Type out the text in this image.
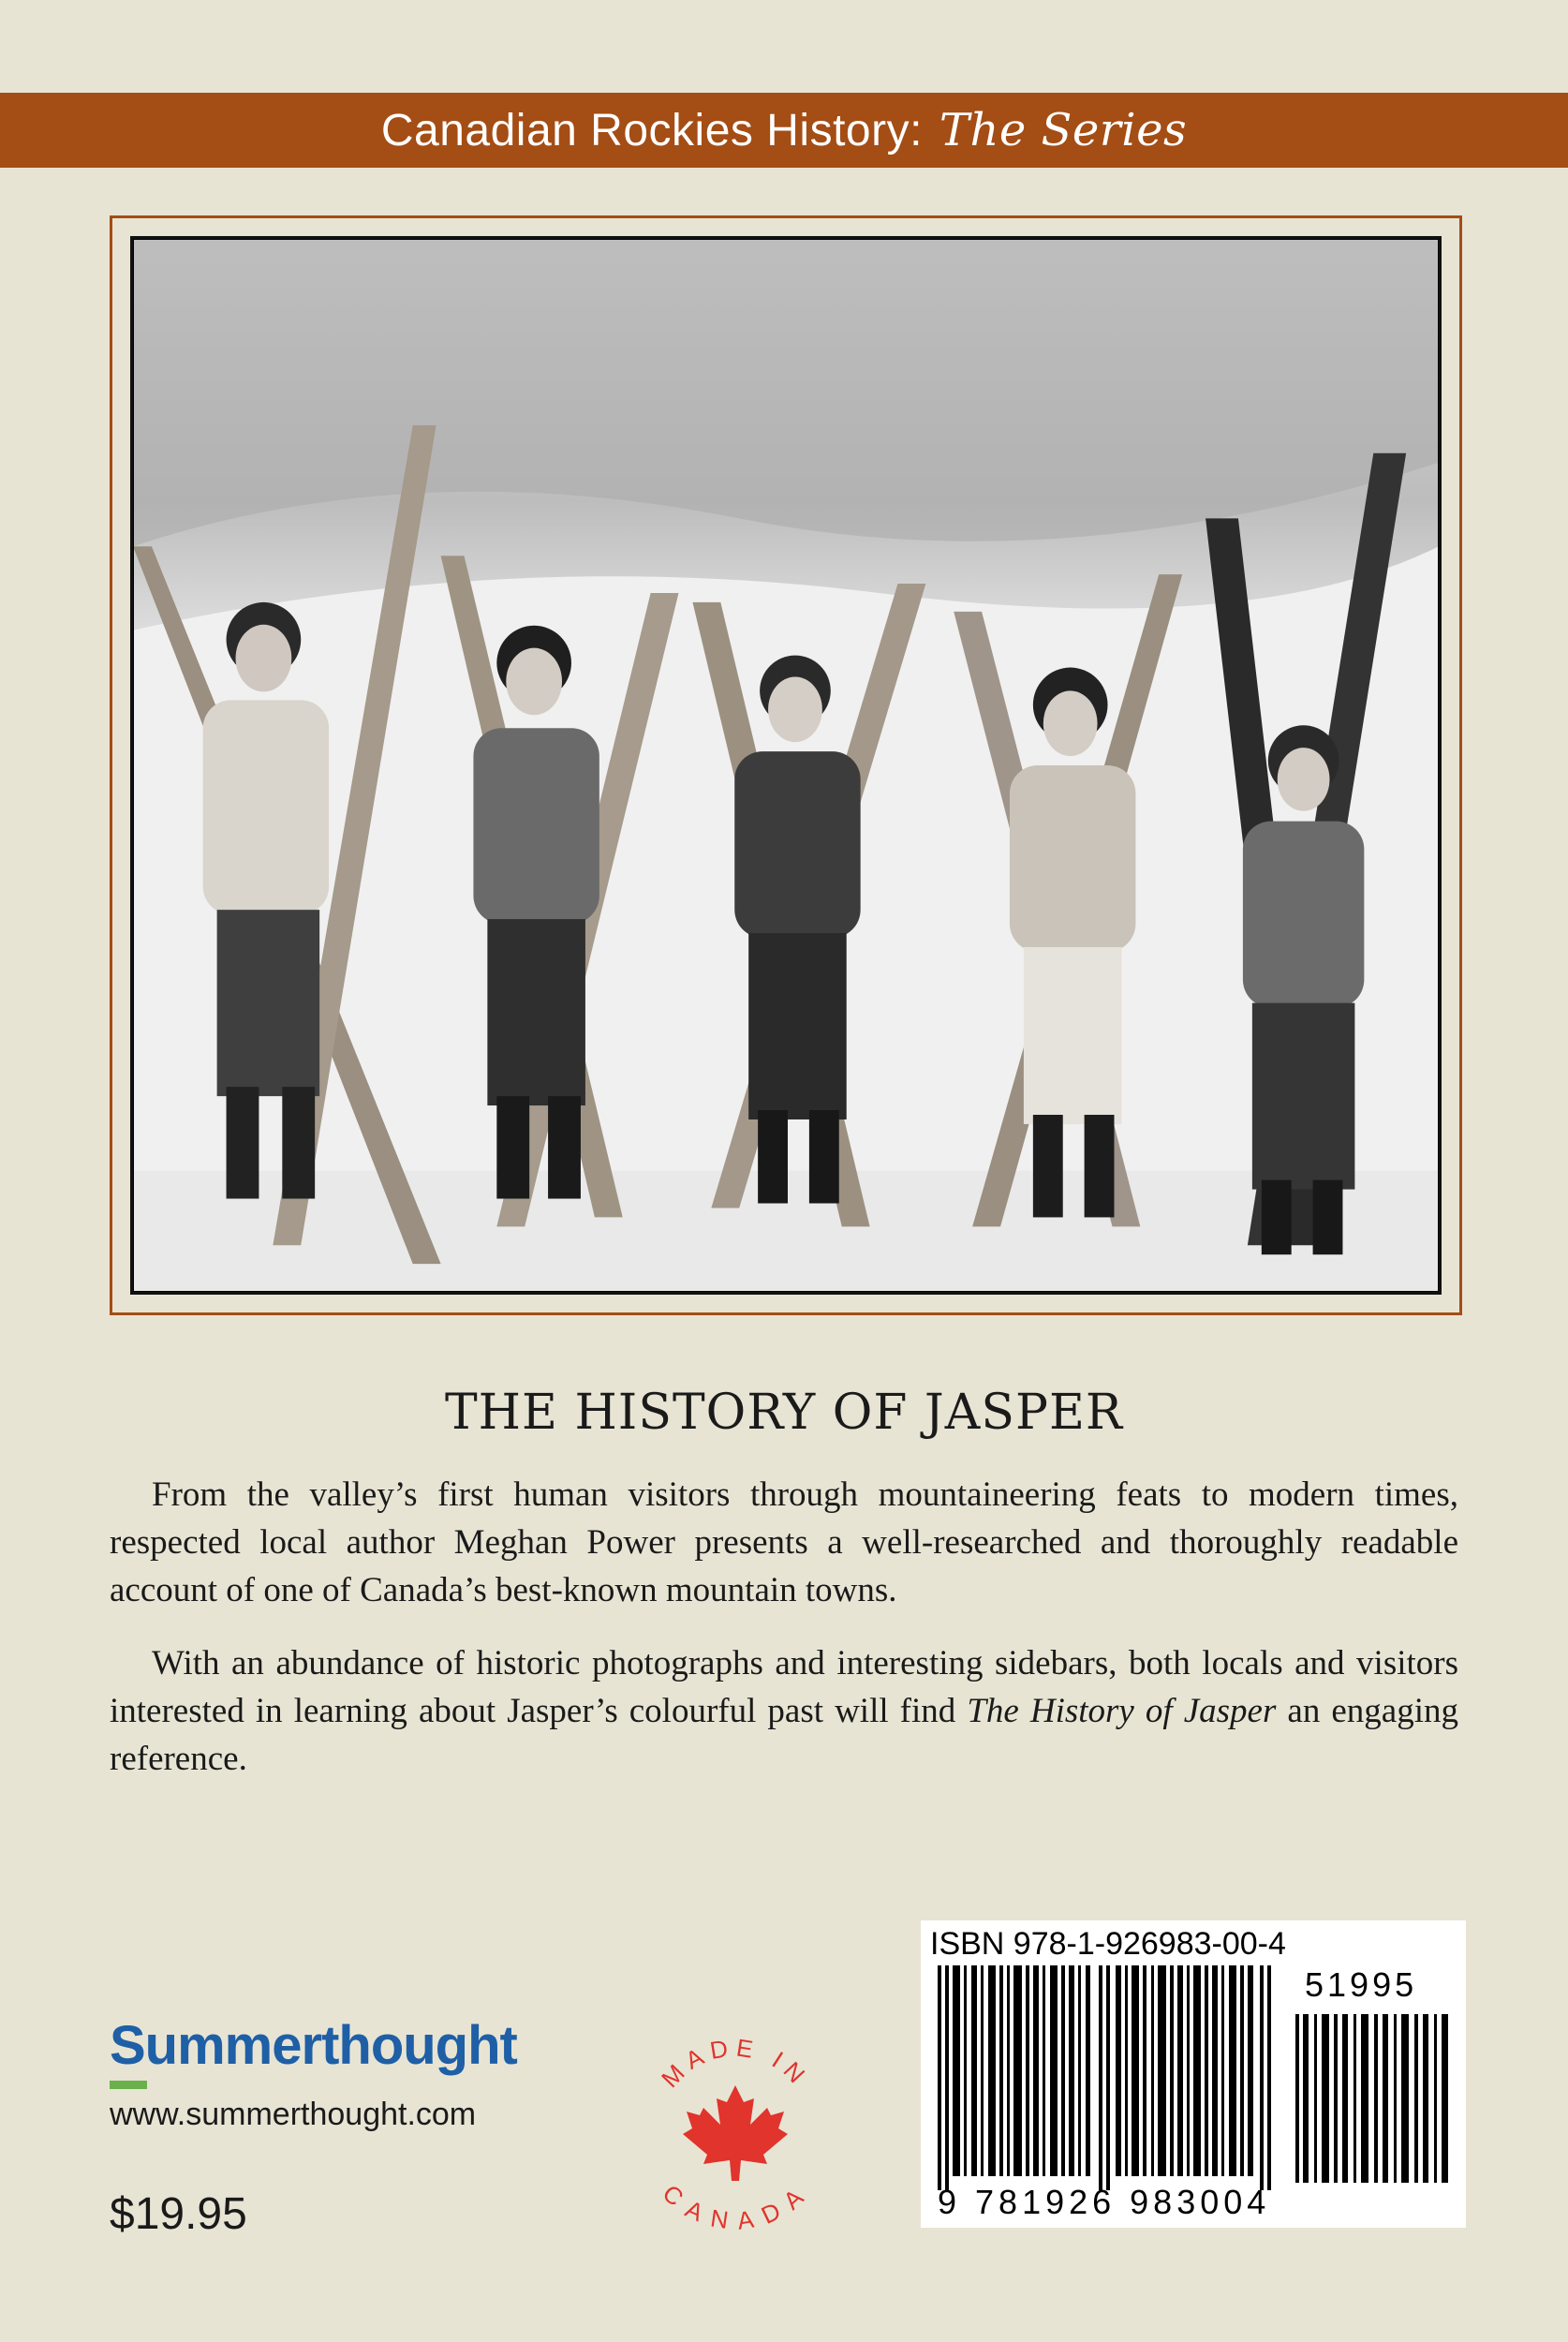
Canadian Rockies History: The Series
THE HISTORY OF JASPER

From the valley’s first human visitors through mountaineering feats to modern times, respected local author Meghan Power presents a well-researched and thoroughly readable account of one of Canada’s best-known mountain towns.

With an abundance of historic photographs and interesting sidebars, both locals and visitors interested in learning about Jasper’s colourful past will find The History of Jasper an engaging reference.

Summerthought
www.summerthought.com
$19.95
MADE IN
CANADA
ISBN 978-1-926983-00-4
51995
9 781926 983004
